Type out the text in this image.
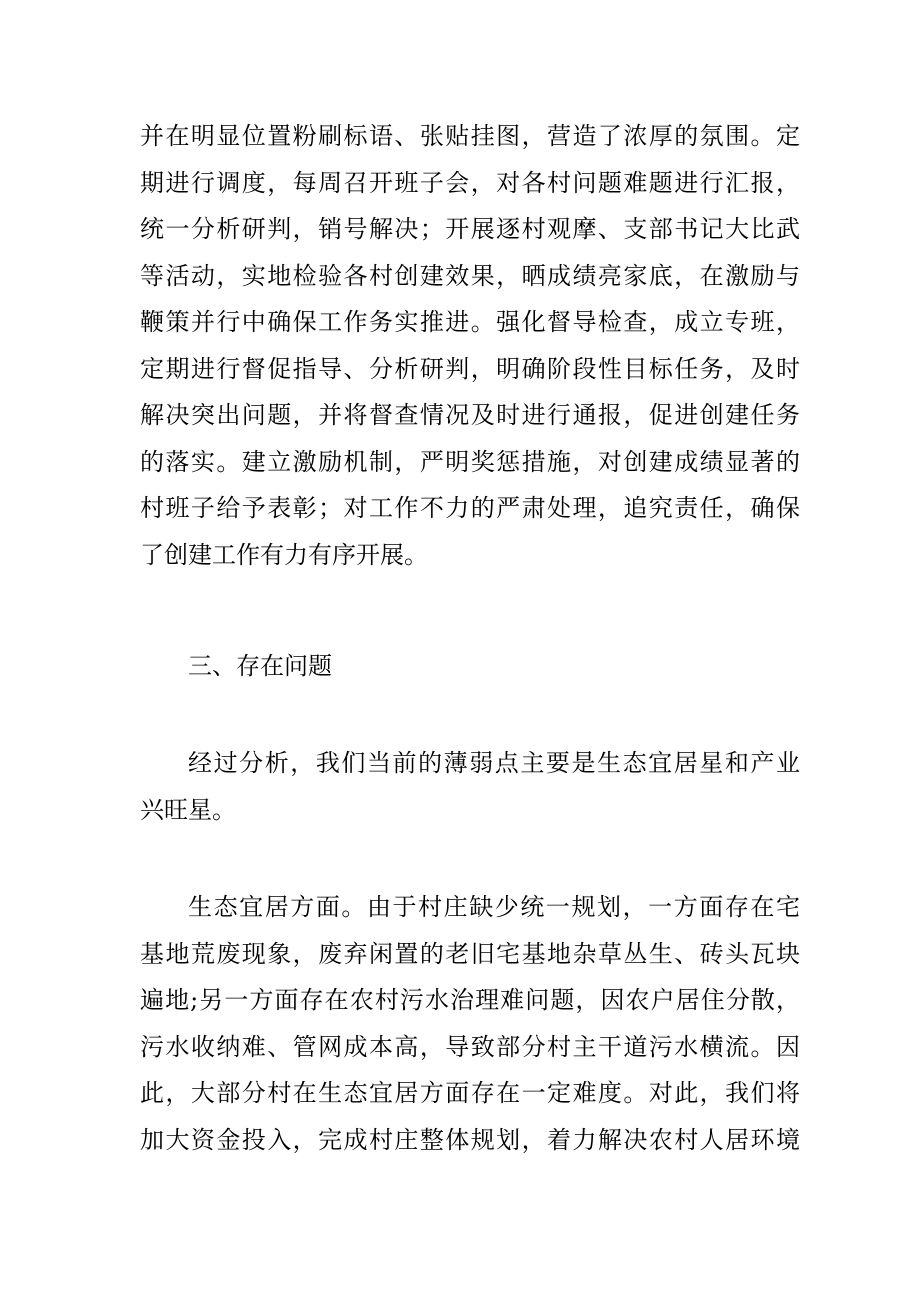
并在明显位置粉刷标语、张贴挂图，营造了浓厚的氛围。定
期进行调度，每周召开班子会，对各村问题难题进行汇报，
统一分析研判，销号解决；开展逐村观摩、支部书记大比武
等活动，实地检验各村创建效果，晒成绩亮家底，在激励与
鞭策并行中确保工作务实推进。强化督导检查，成立专班，
定期进行督促指导、分析研判，明确阶段性目标任务，及时
解决突出问题，并将督查情况及时进行通报，促进创建任务
的落实。建立激励机制，严明奖惩措施，对创建成绩显著的
村班子给予表彰；对工作不力的严肃处理，追究责任，确保
了创建工作有力有序开展。
三、存在问题
经过分析，我们当前的薄弱点主要是生态宜居星和产业
兴旺星。
生态宜居方面。由于村庄缺少统一规划，一方面存在宅
基地荒废现象，废弃闲置的老旧宅基地杂草丛生、砖头瓦块
遍地;另一方面存在农村污水治理难问题，因农户居住分散，
污水收纳难、管网成本高，导致部分村主干道污水横流。因
此，大部分村在生态宜居方面存在一定难度。对此，我们将
加大资金投入，完成村庄整体规划，着力解决农村人居环境
